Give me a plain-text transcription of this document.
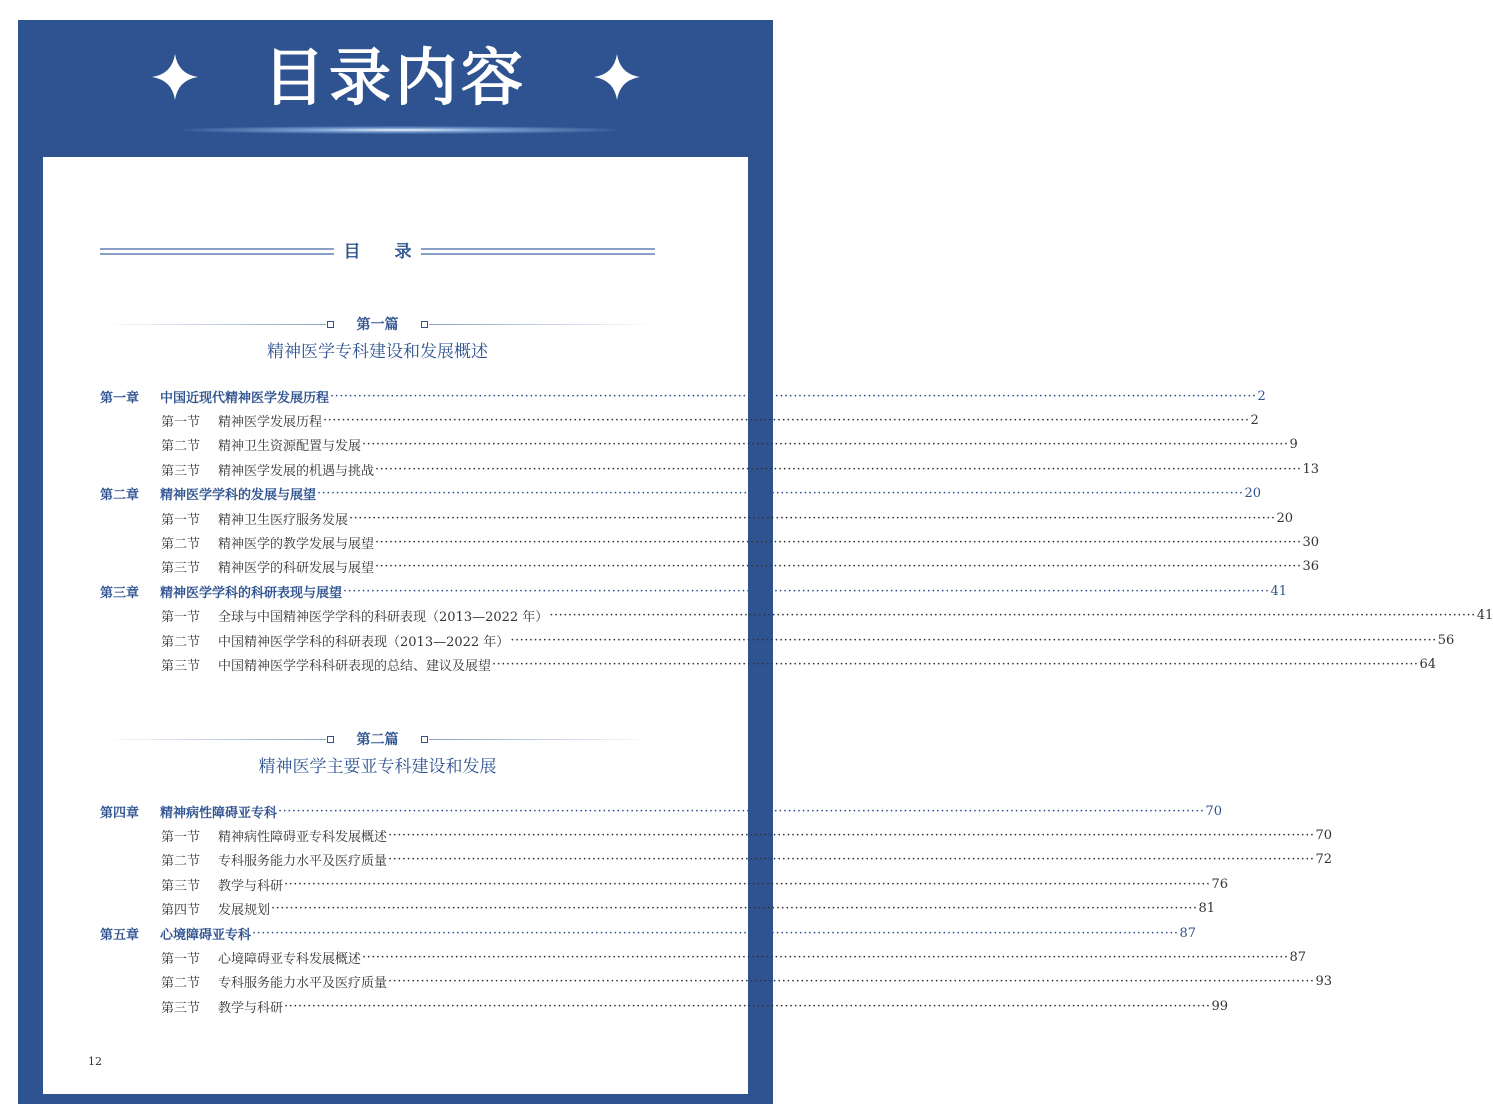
目录内容
目 录
第一篇
精神医学专科建设和发展概述
第一章	中国近现代精神医学发展历程 ········································································································································································································ 2
第一节	精神医学发展历程 ········································································································································································································ 2
第二节	精神卫生资源配置与发展 ········································································································································································································ 9
第三节	精神医学发展的机遇与挑战 ········································································································································································································ 13
第二章	精神医学学科的发展与展望 ········································································································································································································ 20
第一节	精神卫生医疗服务发展 ········································································································································································································ 20
第二节	精神医学的教学发展与展望 ········································································································································································································ 30
第三节	精神医学的科研发展与展望 ········································································································································································································ 36
第三章	精神医学学科的科研表现与展望 ········································································································································································································ 41
第一节	全球与中国精神医学学科的科研表现（2013—2022 年） ········································································································································································································ 41
第二节	中国精神医学学科的科研表现（2013—2022 年） ········································································································································································································ 56
第三节	中国精神医学学科科研表现的总结、建议及展望 ········································································································································································································ 64
第二篇
精神医学主要亚专科建设和发展
第四章	精神病性障碍亚专科 ········································································································································································································ 70
第一节	精神病性障碍亚专科发展概述 ········································································································································································································ 70
第二节	专科服务能力水平及医疗质量 ········································································································································································································ 72
第三节	教学与科研 ········································································································································································································ 76
第四节	发展规划 ········································································································································································································ 81
第五章	心境障碍亚专科 ········································································································································································································ 87
第一节	心境障碍亚专科发展概述 ········································································································································································································ 87
第二节	专科服务能力水平及医疗质量 ········································································································································································································ 93
第三节	教学与科研 ········································································································································································································ 99
12
